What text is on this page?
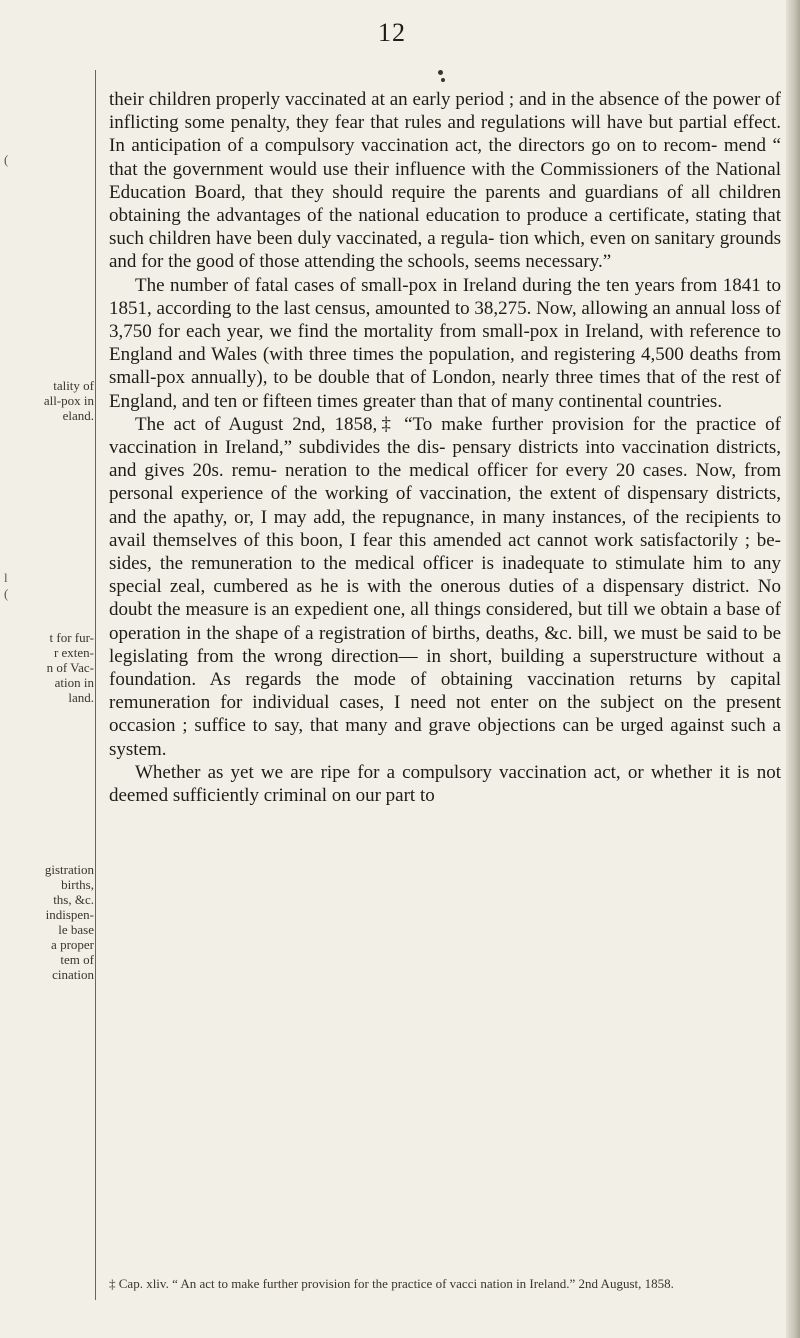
12
(
l
(
tality of
all-pox in
eland.
t for fur-
r exten-
n of Vac-
ation in
land.
gistration
births,
ths, &c.
indispen-
le base
a proper
tem of
cination

their children properly vaccinated at an early period ; and in the absence of the power of inflicting some penalty, they fear that rules and regulations will have but partial effect. In anticipation of a compulsory vaccination act, the directors go on to recom- mend “ that the government would use their influence with the Commissioners of the National Education Board, that they should require the parents and guardians of all children obtaining the advantages of the national education to produce a certificate, stating that such children have been duly vaccinated, a regula- tion which, even on sanitary grounds and for the good of those attending the schools, seems necessary.”

The number of fatal cases of small-pox in Ireland during the ten years from 1841 to 1851, according to the last census, amounted to 38,275. Now, allowing an annual loss of 3,750 for each year, we find the mortality from small-pox in Ireland, with reference to England and Wales (with three times the population, and registering 4,500 deaths from small-pox annually), to be double that of London, nearly three times that of the rest of England, and ten or fifteen times greater than that of many continental countries.

The act of August 2nd, 1858,‡ “To make further provision for the practice of vaccination in Ireland,” subdivides the dis- pensary districts into vaccination districts, and gives 20s. remu- neration to the medical officer for every 20 cases. Now, from personal experience of the working of vaccination, the extent of dispensary districts, and the apathy, or, I may add, the repugnance, in many instances, of the recipients to avail themselves of this boon, I fear this amended act cannot work satisfactorily ; be- sides, the remuneration to the medical officer is inadequate to stimulate him to any special zeal, cumbered as he is with the onerous duties of a dispensary district. No doubt the measure is an expedient one, all things considered, but till we obtain a base of operation in the shape of a registration of births, deaths, &c. bill, we must be said to be legislating from the wrong direction— in short, building a superstructure without a foundation. As regards the mode of obtaining vaccination returns by capital remuneration for individual cases, I need not enter on the subject on the present occasion ; suffice to say, that many and grave objections can be urged against such a system.

Whether as yet we are ripe for a compulsory vaccination act, or whether it is not deemed sufficiently criminal on our part to

‡ Cap. xliv. “ An act to make further provision for the practice of vacci nation in Ireland.” 2nd August, 1858.
